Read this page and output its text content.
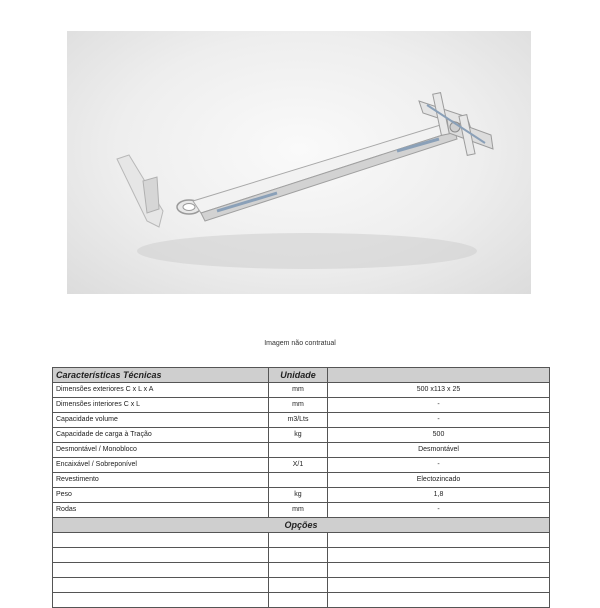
Imagem não contratual
Características Técnicas	Unidade	
Dimensões exteriores C x L x A	mm	500 x113 x 25
Dimensões interiores C x L	mm	-
Capacidade volume	m3/Lts	-
Capacidade de carga à Tração	kg	500
Desmontável / Monobloco		Desmontável
Encaixável / Sobreponível	X/1	-
Revestimento		Electozincado
Peso	kg	1,8
Rodas	mm	-
Opções		
